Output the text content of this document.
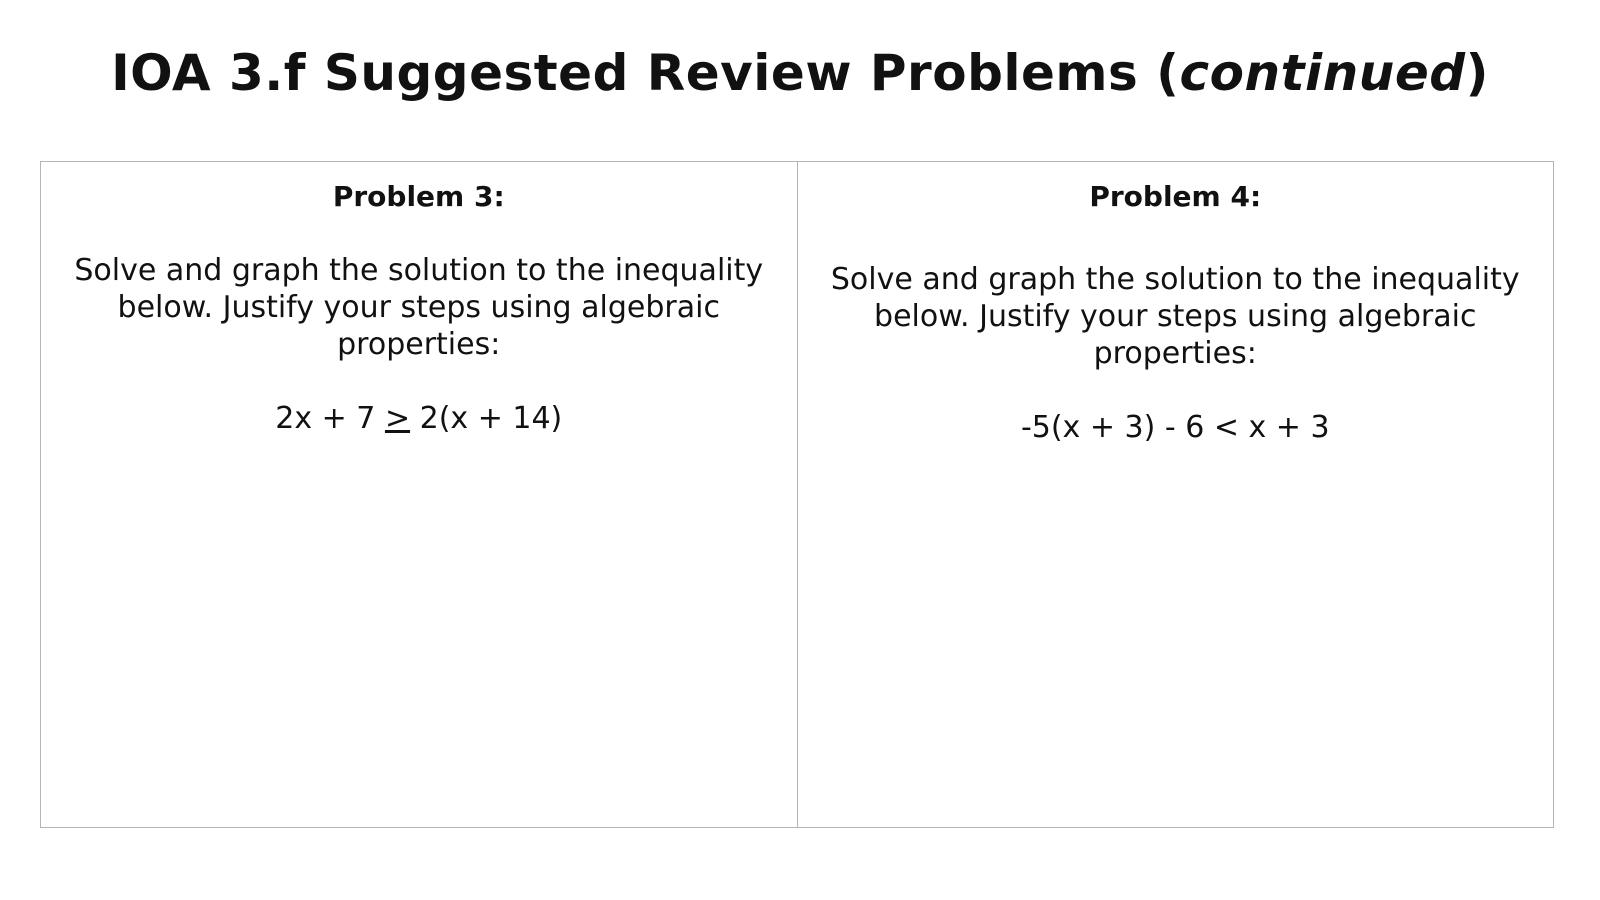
IOA 3.f Suggested Review Problems (continued)
Problem 3:
Solve and graph the solution to the inequality below. Justify your steps using algebraic properties:
2x + 7 ≥ 2(x + 14)

Problem 4:
Solve and graph the solution to the inequality below. Justify your steps using algebraic properties:
-5(x + 3) - 6 < x + 3
